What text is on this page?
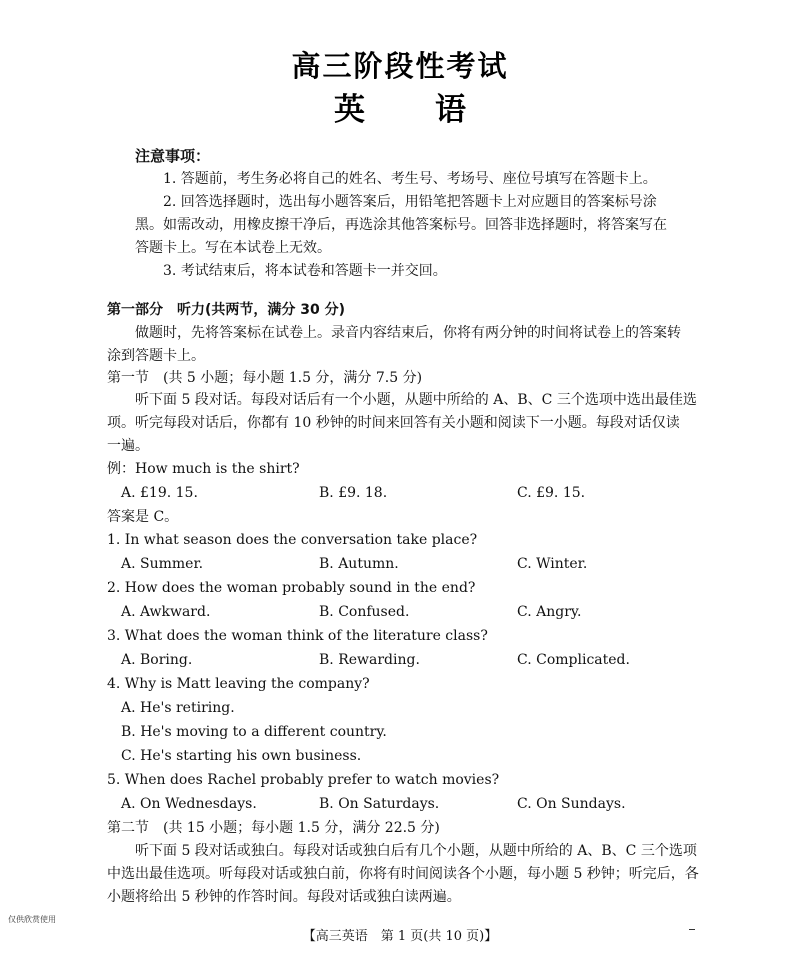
高三阶段性考试
英 语
注意事项：
1. 答题前，考生务必将自己的姓名、考生号、考场号、座位号填写在答题卡上。
2. 回答选择题时，选出每小题答案后，用铅笔把答题卡上对应题目的答案标号涂
黑。如需改动，用橡皮擦干净后，再选涂其他答案标号。回答非选择题时，将答案写在
答题卡上。写在本试卷上无效。
3. 考试结束后，将本试卷和答题卡一并交回。
第一部分　听力(共两节，满分 30 分)
做题时，先将答案标在试卷上。录音内容结束后，你将有两分钟的时间将试卷上的答案转
涂到答题卡上。
第一节　(共 5 小题；每小题 1.5 分，满分 7.5 分)
听下面 5 段对话。每段对话后有一个小题，从题中所给的 A、B、C 三个选项中选出最佳选
项。听完每段对话后，你都有 10 秒钟的时间来回答有关小题和阅读下一小题。每段对话仅读
一遍。
例：How much is the shirt?
A. £19. 15.	B. £9. 18.	C. £9. 15.
答案是 C。
1. In what season does the conversation take place?
A. Summer.	B. Autumn.	C. Winter.
2. How does the woman probably sound in the end?
A. Awkward.	B. Confused.	C. Angry.
3. What does the woman think of the literature class?
A. Boring.	B. Rewarding.	C. Complicated.
4. Why is Matt leaving the company?
A. He's retiring.
B. He's moving to a different country.
C. He's starting his own business.
5. When does Rachel probably prefer to watch movies?
A. On Wednesdays.	B. On Saturdays.	C. On Sundays.
第二节　(共 15 小题；每小题 1.5 分，满分 22.5 分)
听下面 5 段对话或独白。每段对话或独白后有几个小题，从题中所给的 A、B、C 三个选项
中选出最佳选项。听每段对话或独白前，你将有时间阅读各个小题，每小题 5 秒钟；听完后，各
小题将给出 5 秒钟的作答时间。每段对话或独白读两遍。
仅供欣赏使用
【高三英语　第 1 页(共 10 页)】
